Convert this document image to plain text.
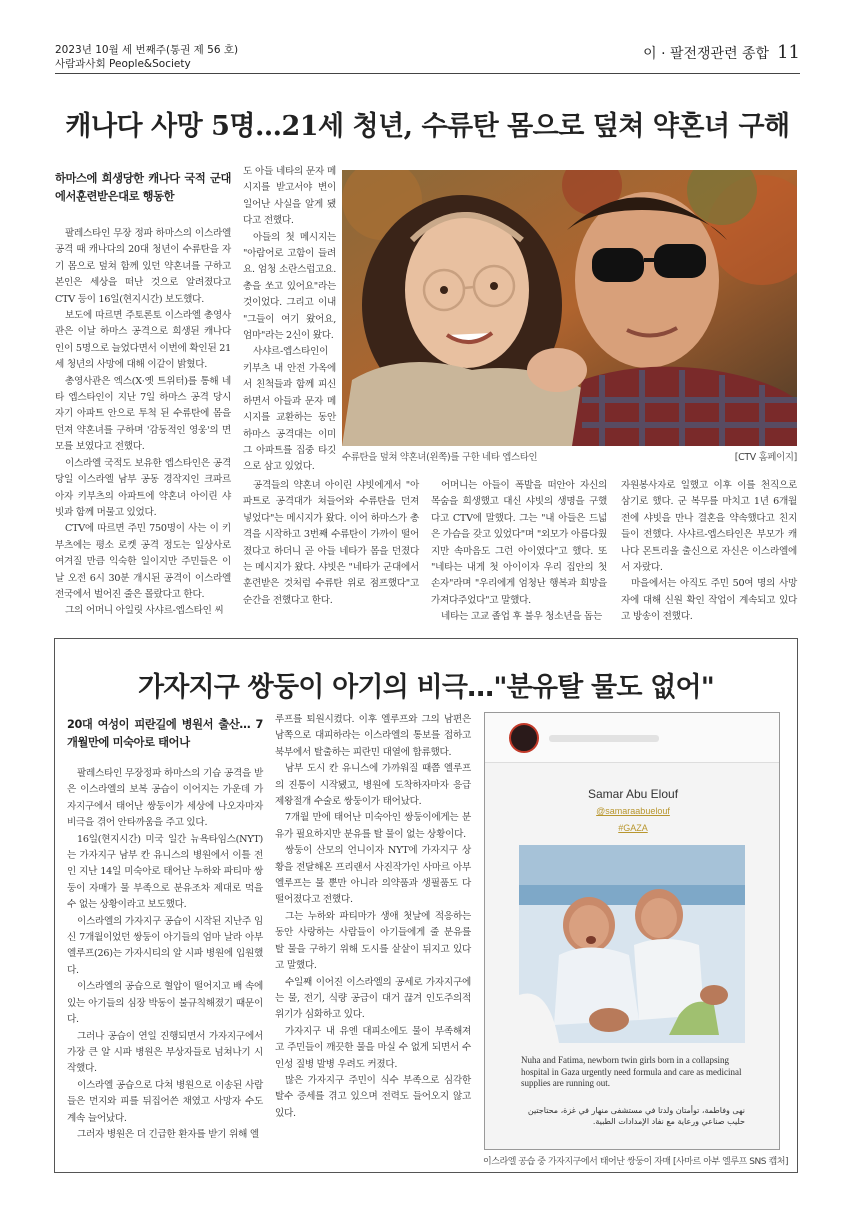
2023년 10월 세 번째주(통권 제 56 호)
사람과사회 People&Society
이 · 팔전쟁관련 종합 11
캐나다 사망 5명…21세 청년, 수류탄 몸으로 덮쳐 약혼녀 구해

하마스에 희생당한 캐나다 국적 군대에서훈련받은대로 행동한

팔레스타인 무장 정파 하마스의 이스라엘 공격 때 캐나다의 20대 청년이 수류탄을 자기 몸으로 덮쳐 함께 있던 약혼녀를 구하고 본인은 세상을 떠난 것으로 알려졌다고 CTV 등이 16일(현지시간) 보도했다.

보도에 따르면 주토론토 이스라엘 총영사관은 이날 하마스 공격으로 희생된 캐나다인이 5명으로 늘었다면서 이번에 확인된 21세 청년의 사망에 대해 이같이 밝혔다.

총영사관은 엑스(X·옛 트위터)를 통해 네타 엡스타인이 지난 7일 하마스 공격 당시 자기 아파트 안으로 투척 된 수류탄에 몸을 던져 약혼녀를 구하며 '감동적인 영웅'의 면모를 보였다고 전했다.

이스라엘 국적도 보유한 엡스타인은 공격 당일 이스라엘 남부 공동 경작지인 크파르 아자 키부츠의 아파트에 약혼녀 아이린 샤빗과 함께 머물고 있었다.

CTV에 따르면 주민 750명이 사는 이 키부츠에는 평소 로켓 공격 정도는 일상사로 여겨질 만큼 익숙한 일이지만 주민들은 이날 오전 6시 30분 개시된 공격이 이스라엘 전국에서 벌어진 줄은 몰랐다고 한다.

그의 어머니 아일릿 사샤르-엡스타인 씨

도 아들 네타의 문자 메시지를 받고서야 변이 일어난 사실을 알게 됐다고 전했다.

아들의 첫 메시지는 "아람어로 고함이 들려요. 엄청 소란스럽고요. 총을 쏘고 있어요"라는 것이었다. 그리고 이내 "그들이 여기 왔어요, 엄마"라는 2신이 왔다.

사샤르-엡스타인이 키부츠 내 안전 가옥에서 친척들과 함께 피신하면서 아들과 문자 메시지를 교환하는 동안 하마스 공격대는 이미 그 아파트를 집중 타깃으로 삼고 있었다.

공격들의 약혼녀 아이린 샤빗에게서 "아파트로 공격대가 쳐들어와 수류탄을 던져 넣었다"는 메시지가 왔다. 이어 하마스가 총격을 시작하고 3번째 수류탄이 가까이 떨어졌다고 하더니 곧 아들 네타가 몸을 던졌다는 메시지가 왔다. 샤빗은 "네타가 군대에서 훈련받은 것처럼 수류탄 위로 점프했다"고 순간을 전했다고 한다.

어머니는 아들이 폭발을 떠안아 자신의 목숨을 희생했고 대신 샤빗의 생명을 구했다고 CTV에 말했다. 그는 "내 아들은 드넓은 가슴을 갖고 있었다"며 "외모가 아름다웠지만 속마음도 그런 아이였다"고 했다. 또 "네타는 내게 첫 아이이자 우리 집안의 첫 손자"라며 "우리에게 엄청난 행복과 희망을 가져다주었다"고 말했다.

네타는 고교 졸업 후 불우 청소년을 돕는

자원봉사자로 일했고 이후 이를 천직으로 삼기로 했다. 군 복무를 마치고 1년 6개월 전에 샤빗을 만나 결혼을 약속했다고 친지들이 전했다. 사샤르-엡스타인은 부모가 캐나다 몬트리올 출신으로 자신은 이스라엘에서 자랐다.

마을에서는 아직도 주민 50여 명의 사망자에 대해 신원 확인 작업이 계속되고 있다고 방송이 전했다.

수류탄을 덮쳐 약혼녀(왼쪽)를 구한 네타 엡스타인	[CTV 홈페이지]
가자지구 쌍둥이 아기의 비극…"분유탈 물도 없어"

20대 여성이 피란길에 병원서 출산… 7개월만에 미숙아로 태어나

팔레스타인 무장정파 하마스의 기습 공격을 받은 이스라엘의 보복 공습이 이어지는 가운데 가자지구에서 태어난 쌍둥이가 세상에 나오자마자 비극을 겪어 안타까움을 주고 있다.

16일(현지시간) 미국 일간 뉴욕타임스(NYT)는 가자지구 남부 칸 유니스의 병원에서 이틀 전인 지난 14일 미숙아로 태어난 누하와 파티마 쌍둥이 자매가 물 부족으로 분유조차 제대로 먹을 수 없는 상황이라고 보도했다.

이스라엘의 가자지구 공습이 시작된 지난주 임신 7개월이었던 쌍둥이 아기들의 엄마 날라 아부 엘루프(26)는 가자시티의 알 시파 병원에 입원했다.

이스라엘의 공습으로 혈압이 떨어지고 배 속에 있는 아기들의 심장 박동이 불규칙해졌기 때문이다.

그러나 공습이 연일 진행되면서 가자지구에서 가장 큰 알 시파 병원은 부상자들로 넘쳐나기 시작했다.

이스라엘 공습으로 다쳐 병원으로 이송된 사람들은 먼지와 피를 뒤집어쓴 채였고 사망자 수도 계속 늘어났다.

그러자 병원은 더 긴급한 환자를 받기 위해 엘

루프를 퇴원시켰다. 이후 엘루프와 그의 남편은 남쪽으로 대피하라는 이스라엘의 통보를 접하고 북부에서 탈출하는 피란민 대열에 합류했다.

남부 도시 칸 유니스에 가까워질 때쯤 엘루프의 진통이 시작됐고, 병원에 도착하자마자 응급 제왕절개 수술로 쌍둥이가 태어났다.

7개월 만에 태어난 미숙아인 쌍둥이에게는 분유가 필요하지만 분유를 탈 물이 없는 상황이다.

쌍둥이 산모의 언니이자 NYT에 가자지구 상황을 전달해온 프리랜서 사진작가인 사마르 아부 엘루프는 물 뿐만 아니라 의약품과 생필품도 다 떨어졌다고 전했다.

그는 누하와 파티마가 생애 첫날에 적응하는 동안 사랑하는 사람들이 아기들에게 줄 분유를 탈 물을 구하기 위해 도시를 샅샅이 뒤지고 있다고 말했다.

수일째 이어진 이스라엘의 공세로 가자지구에는 물, 전기, 식량 공급이 대거 끊겨 인도주의적 위기가 심화하고 있다.

가자지구 내 유엔 대피소에도 물이 부족해져 고 주민들이 깨끗한 물을 마실 수 없게 되면서 수인성 질병 발병 우려도 커졌다.

많은 가자지구 주민이 식수 부족으로 심각한 탈수 증세를 겪고 있으며 전력도 들어오지 않고 있다.

Samar Abu Elouf
@samaraabuelouf
#GAZA
Nuha and Fatima, newborn twin girls born in a collapsing hospital in Gaza urgently need formula and care as medicinal supplies are running out.
نهى وفاطمة، توأمتان ولدتا في مستشفى منهار في غزة، محتاجتين حليب صناعي ورعاية مع نفاد الإمدادات الطبية.
이스라엘 공습 중 가자지구에서 태어난 쌍둥이 자매 [사마르 아부 엘루프 SNS 캡처]
